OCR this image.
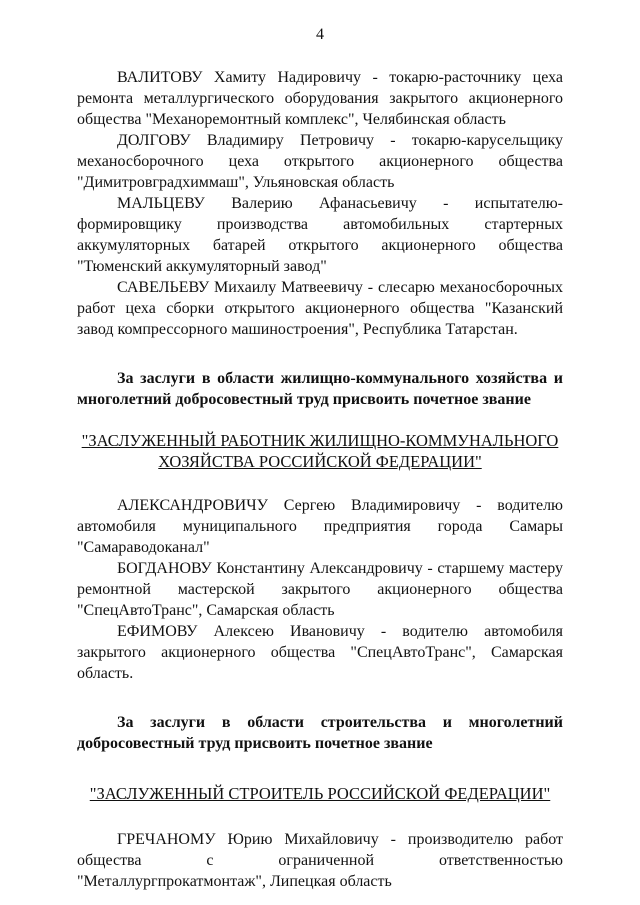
4

ВАЛИТОВУ Хамиту Надировичу - токарю-расточнику цеха ремонта металлургического оборудования закрытого акционерного общества "Механоремонтный комплекс", Челябинская область

ДОЛГОВУ Владимиру Петровичу - токарю-карусельщику механосборочного цеха открытого акционерного общества "Димитровградхиммаш", Ульяновская область

МАЛЬЦЕВУ Валерию Афанасьевичу - испытателю-формировщику производства автомобильных стартерных аккумуляторных батарей открытого акционерного общества "Тюменский аккумуляторный завод"

САВЕЛЬЕВУ Михаилу Матвеевичу - слесарю механосборочных работ цеха сборки открытого акционерного общества "Казанский завод компрессорного машиностроения", Республика Татарстан.

За заслуги в области жилищно-коммунального хозяйства и многолетний добросовестный труд присвоить почетное звание

"ЗАСЛУЖЕННЫЙ РАБОТНИК ЖИЛИЩНО-КОММУНАЛЬНОГО

ХОЗЯЙСТВА РОССИЙСКОЙ ФЕДЕРАЦИИ"

АЛЕКСАНДРОВИЧУ Сергею Владимировичу - водителю автомобиля муниципального предприятия города Самары "Самараводоканал"

БОГДАНОВУ Константину Александровичу - старшему мастеру ремонтной мастерской закрытого акционерного общества "СпецАвтоТранс", Самарская область

ЕФИМОВУ Алексею Ивановичу - водителю автомобиля закрытого акционерного общества "СпецАвтоТранс", Самарская область.

За заслуги в области строительства и многолетний добросовестный труд присвоить почетное звание

"ЗАСЛУЖЕННЫЙ СТРОИТЕЛЬ РОССИЙСКОЙ ФЕДЕРАЦИИ"

ГРЕЧАНОМУ Юрию Михайловичу - производителю работ общества с ограниченной ответственностью "Металлургпрокатмонтаж", Липецкая область
